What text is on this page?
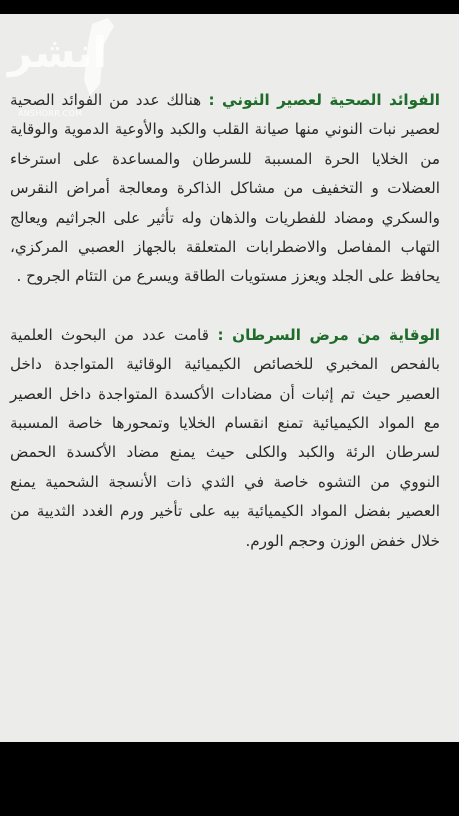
انشر
ANSHORR.COM

الفوائد الصحية لعصير النوني : هنالك عدد من الفوائد الصحية لعصير نبات النوني منها صيانة القلب والكبد والأوعية الدموية والوقاية من الخلايا الحرة المسببة للسرطان والمساعدة على استرخاء العضلات و التخفيف من مشاكل الذاكرة ومعالجة أمراض النقرس والسكري ومضاد للفطريات والذهان وله تأثير على الجراثيم ويعالج التهاب المفاصل والاضطرابات المتعلقة بالجهاز العصبي المركزي، يحافظ على الجلد ويعزز مستويات الطاقة ويسرع من التئام الجروح .

الوقاية من مرض السرطان : قامت عدد من البحوث العلمية بالفحص المخبري للخصائص الكيميائية الوقائية المتواجدة داخل العصير حيث تم إثبات أن مضادات الأكسدة المتواجدة داخل العصير مع المواد الكيميائية تمنع انقسام الخلايا وتمحورها خاصة المسببة لسرطان الرئة والكبد والكلى حيث يمنع مضاد الأكسدة الحمض النووي من التشوه خاصة في الثدي ذات الأنسجة الشحمية يمنع العصير بفضل المواد الكيميائية بيه على تأخير ورم الغدد الثديية من خلال خفض الوزن وحجم الورم.
